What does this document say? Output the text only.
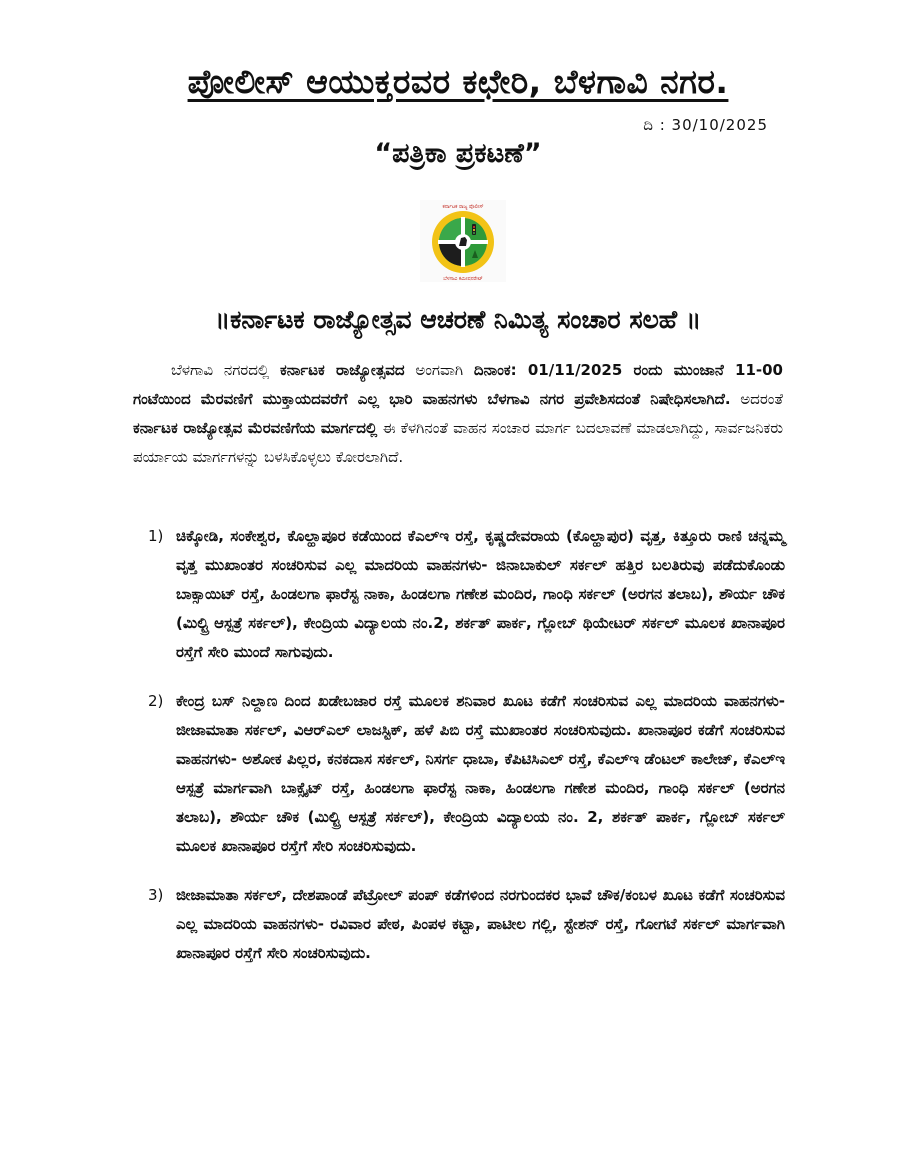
ಪೋಲೀಸ್ ಆಯುಕ್ತರವರ ಕಛೇರಿ, ಬೆಳಗಾವಿ ನಗರ.
ದಿ : 30/10/2025
“ಪತ್ರಿಕಾ ಪ್ರಕಟಣೆ”
ಕರ್ನಾಟಕ ರಾಜ್ಯ ಪೊಲೀಸ್
ಬೆಳಗಾವಿ ಕಮೀಷನರೇಟ್
॥ಕರ್ನಾಟಕ ರಾಜ್ಯೋತ್ಸವ ಆಚರಣೆ ನಿಮಿತ್ಯ ಸಂಚಾರ ಸಲಹೆ ॥

ಬೆಳಗಾವಿ ನಗರದಲ್ಲಿ ಕರ್ನಾಟಕ ರಾಜ್ಯೋತ್ಸವದ ಅಂಗವಾಗಿ ದಿನಾಂಕ: 01/11/2025 ರಂದು ಮುಂಜಾನೆ 11-00 ಗಂಟೆಯಿಂದ ಮೆರವಣಿಗೆ ಮುಕ್ತಾಯದವರೆಗೆ ಎಲ್ಲ ಭಾರಿ ವಾಹನಗಳು ಬೆಳಗಾವಿ ನಗರ ಪ್ರವೇಶಿಸದಂತೆ ನಿಷೇಧಿಸಲಾಗಿದೆ. ಅದರಂತೆ ಕರ್ನಾಟಕ ರಾಜ್ಯೋತ್ಸವ ಮೆರವಣಿಗೆಯ ಮಾರ್ಗದಲ್ಲಿ ಈ ಕೆಳಗಿನಂತೆ ವಾಹನ ಸಂಚಾರ ಮಾರ್ಗ ಬದಲಾವಣೆ ಮಾಡಲಾಗಿದ್ದು, ಸಾರ್ವಜನಿಕರು ಪರ್ಯಾಯ ಮಾರ್ಗಗಳನ್ನು ಬಳಸಿಕೊಳ್ಳಲು ಕೋರಲಾಗಿದೆ.

1) ಚಿಕ್ಕೋಡಿ, ಸಂಕೇಶ್ವರ, ಕೊಲ್ಹಾಪೂರ ಕಡೆಯಿಂದ ಕೆಎಲ್‌ಇ ರಸ್ತೆ, ಕೃಷ್ಣದೇವರಾಯ (ಕೊಲ್ಹಾಪುರ) ವೃತ್ತ, ಕಿತ್ತೂರು ರಾಣಿ ಚನ್ನಮ್ಮ ವೃತ್ತ ಮುಖಾಂತರ ಸಂಚರಿಸುವ ಎಲ್ಲ ಮಾದರಿಯ ವಾಹನಗಳು- ಜಿನಾಬಾಕುಲ್ ಸರ್ಕಲ್ ಹತ್ತಿರ ಬಲತಿರುವು ಪಡೆದುಕೊಂಡು ಬಾಕ್ಸಾಯಿಟ್ ರಸ್ತೆ, ಹಿಂಡಲಗಾ ಫಾರೆಸ್ಟ ನಾಕಾ, ಹಿಂಡಲಗಾ ಗಣೇಶ ಮಂದಿರ, ಗಾಂಧಿ ಸರ್ಕಲ್ (ಅರಗನ ತಲಾಬ), ಶೌರ್ಯ ಚೌಕ (ಮಿಲ್ಟ್ರಿ ಆಸ್ಪತ್ರೆ ಸರ್ಕಲ್), ಕೇಂದ್ರಿಯ ವಿದ್ಯಾಲಯ ನಂ.2, ಶರ್ಕತ್ ಪಾರ್ಕ, ಗ್ಲೋಬ್ ಥಿಯೇಟರ್ ಸರ್ಕಲ್ ಮೂಲಕ ಖಾನಾಪೂರ ರಸ್ತೆಗೆ ಸೇರಿ ಮುಂದೆ ಸಾಗುವುದು.
2) ಕೇಂದ್ರ ಬಸ್ ನಿಲ್ದಾಣ ದಿಂದ ಖಡೇಬಜಾರ ರಸ್ತೆ ಮೂಲಕ ಶನಿವಾರ ಖೂಟ ಕಡೆಗೆ ಸಂಚರಿಸುವ ಎಲ್ಲ ಮಾದರಿಯ ವಾಹನಗಳು- ಜೀಜಾಮಾತಾ ಸರ್ಕಲ್, ವಿಆರ್‌ಎಲ್ ಲಾಜಸ್ಟಿಕ್, ಹಳೆ ಪಿಬಿ ರಸ್ತೆ ಮುಖಾಂತರ ಸಂಚರಿಸುವುದು. ಖಾನಾಪೂರ ಕಡೆಗೆ ಸಂಚರಿಸುವ ವಾಹನಗಳು- ಅಶೋಕ ಪಿಲ್ಲರ, ಕನಕದಾಸ ಸರ್ಕಲ್, ನಿಸರ್ಗ ಧಾಬಾ, ಕೆಪಿಟಿಸಿಎಲ್ ರಸ್ತೆ, ಕೆಎಲ್‌ಇ ಡೆಂಟಲ್ ಕಾಲೇಜ್, ಕೆಎಲ್‌ಇ ಆಸ್ಪತ್ರೆ ಮಾರ್ಗವಾಗಿ ಬಾಕ್ಸೈಟ್ ರಸ್ತೆ, ಹಿಂಡಲಗಾ ಫಾರೆಸ್ಟ ನಾಕಾ, ಹಿಂಡಲಗಾ ಗಣೇಶ ಮಂದಿರ, ಗಾಂಧಿ ಸರ್ಕಲ್ (ಅರಗನ ತಲಾಬ), ಶೌರ್ಯ ಚೌಕ (ಮಿಲ್ಟ್ರಿ ಆಸ್ಪತ್ರೆ ಸರ್ಕಲ್), ಕೇಂದ್ರಿಯ ವಿದ್ಯಾಲಯ ನಂ. 2, ಶರ್ಕತ್ ಪಾರ್ಕ, ಗ್ಲೋಬ್ ಸರ್ಕಲ್ ಮೂಲಕ ಖಾನಾಪೂರ ರಸ್ತೆಗೆ ಸೇರಿ ಸಂಚರಿಸುವುದು.
3) ಜೀಜಾಮಾತಾ ಸರ್ಕಲ್, ದೇಶಪಾಂಡೆ ಪೆಟ್ರೋಲ್ ಪಂಪ್ ಕಡೆಗಳಿಂದ ನರಗುಂದಕರ ಭಾವೆ ಚೌಕ/ಕಂಬಳ ಖೂಟ ಕಡೆಗೆ ಸಂಚರಿಸುವ ಎಲ್ಲ ಮಾದರಿಯ ವಾಹನಗಳು- ರವಿವಾರ ಪೇಠ, ಪಿಂಪಳ ಕಟ್ಟಾ, ಪಾಟೀಲ ಗಲ್ಲಿ, ಸ್ಟೇಶನ್ ರಸ್ತೆ, ಗೋಗಟೆ ಸರ್ಕಲ್ ಮಾರ್ಗವಾಗಿ ಖಾನಾಪೂರ ರಸ್ತೆಗೆ ಸೇರಿ ಸಂಚರಿಸುವುದು.
